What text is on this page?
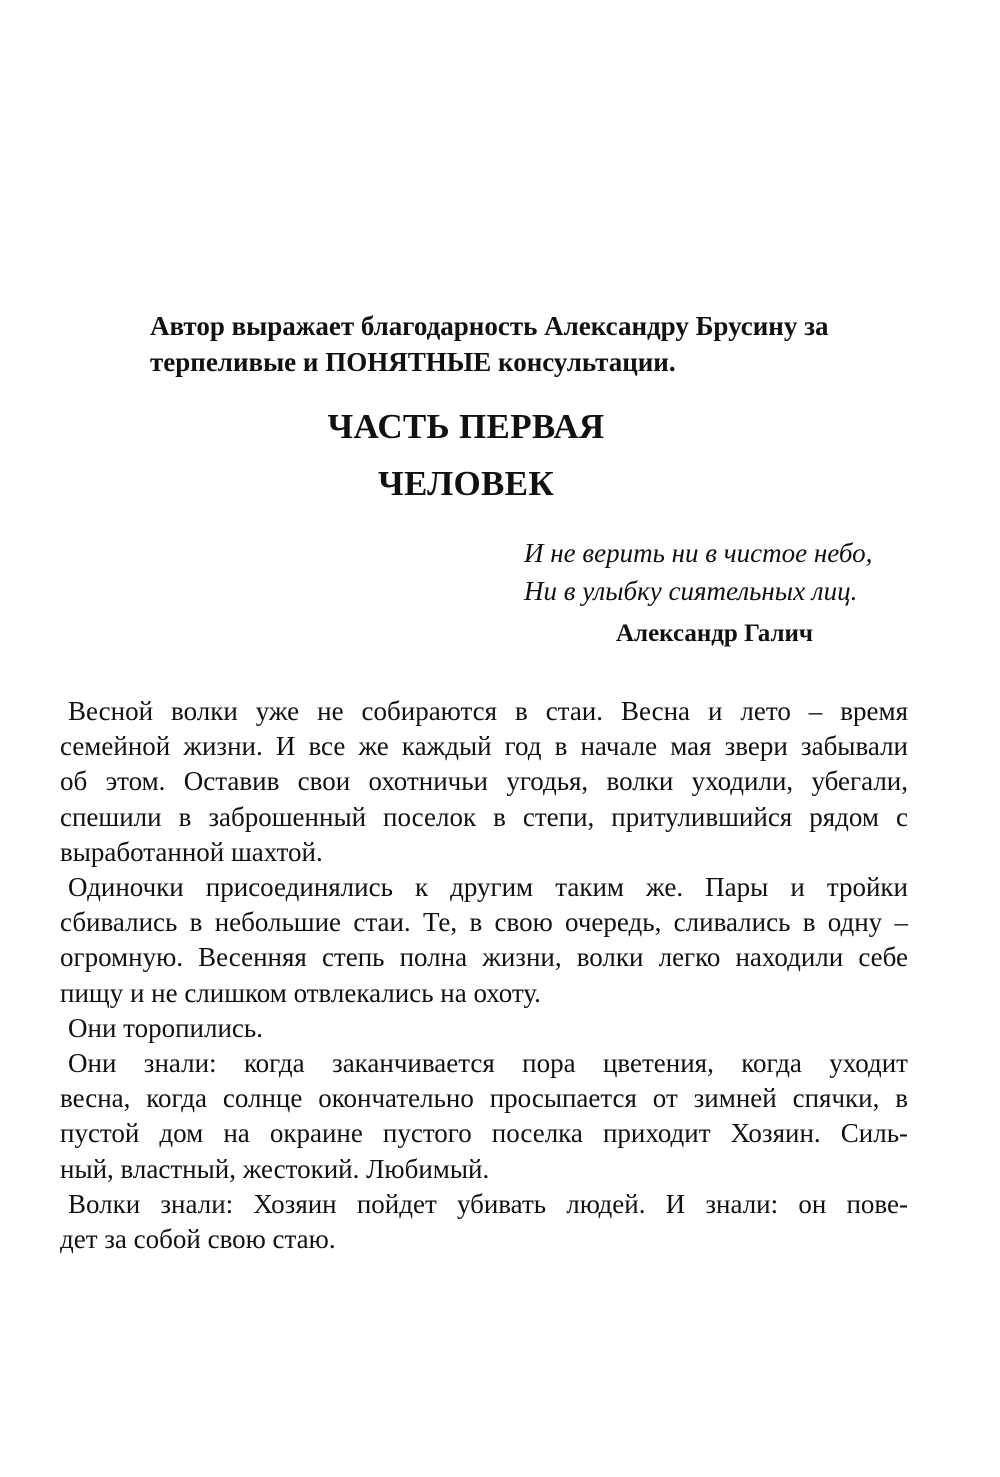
Автор выражает благодарность Александру Брусину за
терпеливые и ПОНЯТНЫЕ консультации.
ЧАСТЬ ПЕРВАЯ
ЧЕЛОВЕК
И не верить ни в чистое небо,
Ни в улыбку сиятельных лиц.
Александр Галич

Весной волки уже не собираются в стаи. Весна и лето – время
семейной жизни. И все же каждый год в начале мая звери забывали
об этом. Оставив свои охотничьи угодья, волки уходили, убегали,
спешили в заброшенный поселок в степи, притулившийся рядом с
выработанной шахтой.

Одиночки присоединялись к другим таким же. Пары и тройки
сбивались в небольшие стаи. Те, в свою очередь, сливались в одну –
огромную. Весенняя степь полна жизни, волки легко находили себе
пищу и не слишком отвлекались на охоту.

Они торопились.

Они знали: когда заканчивается пора цветения, когда уходит
весна, когда солнце окончательно просыпается от зимней спячки, в
пустой дом на окраине пустого поселка приходит Хозяин. Силь-
ный, властный, жестокий. Любимый.

Волки знали: Хозяин пойдет убивать людей. И знали: он пове-
дет за собой свою стаю.
